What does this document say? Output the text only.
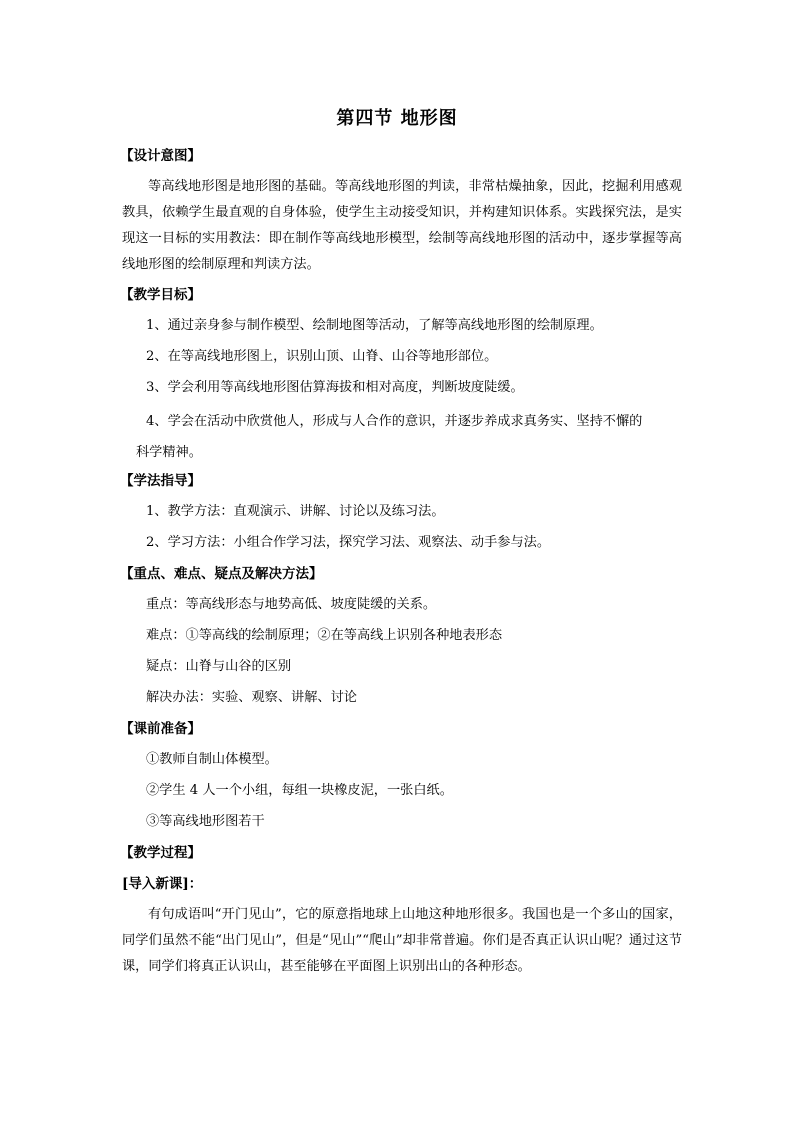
第四节 地形图
【设计意图】

等高线地形图是地形图的基础。等高线地形图的判读，非常枯燥抽象，因此，挖掘利用感观教具，依赖学生最直观的自身体验，使学生主动接受知识，并构建知识体系。实践探究法，是实现这一目标的实用教法：即在制作等高线地形模型，绘制等高线地形图的活动中，逐步掌握等高线地形图的绘制原理和判读方法。

【教学目标】
1、通过亲身参与制作模型、绘制地图等活动，了解等高线地形图的绘制原理。
2、在等高线地形图上，识别山顶、山脊、山谷等地形部位。
3、学会利用等高线地形图估算海拔和相对高度，判断坡度陡缓。
4、学会在活动中欣赏他人，形成与人合作的意识，并逐步养成求真务实、坚持不懈的
科学精神。
【学法指导】
1、教学方法：直观演示、讲解、讨论以及练习法。
2、学习方法：小组合作学习法，探究学习法、观察法、动手参与法。
【重点、难点、疑点及解决方法】
重点：等高线形态与地势高低、坡度陡缓的关系。
难点：①等高线的绘制原理；②在等高线上识别各种地表形态
疑点：山脊与山谷的区别
解决办法：实验、观察、讲解、讨论
【课前准备】
①教师自制山体模型。
②学生 4 人一个小组，每组一块橡皮泥，一张白纸。
③等高线地形图若干
【教学过程】
[导入新课]：

有句成语叫“开门见山”，它的原意指地球上山地这种地形很多。我国也是一个多山的国家，同学们虽然不能“出门见山”，但是“见山”“爬山”却非常普遍。你们是否真正认识山呢？通过这节课，同学们将真正认识山，甚至能够在平面图上识别出山的各种形态。
